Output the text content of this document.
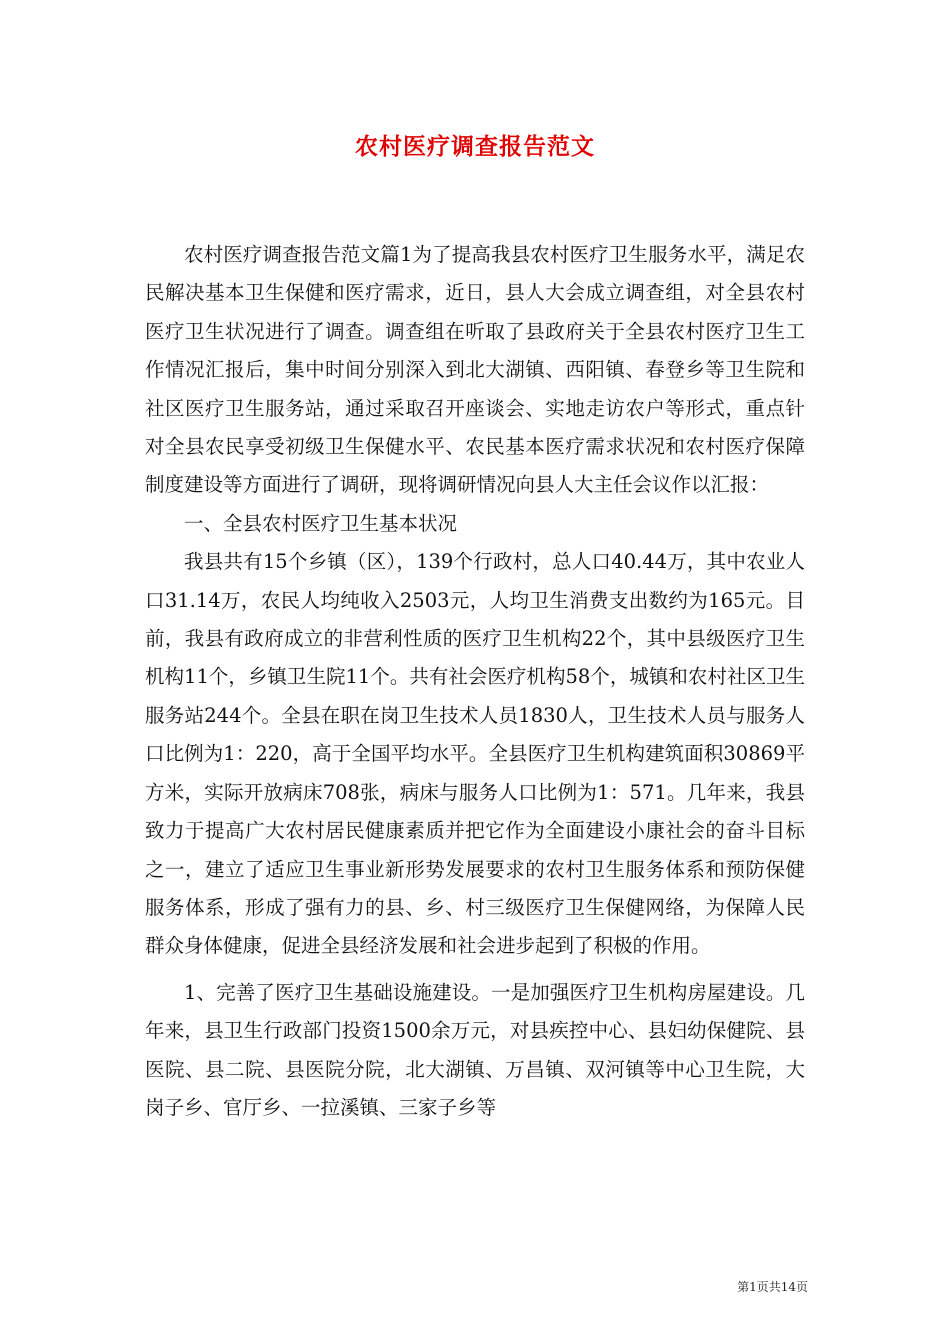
农村医疗调查报告范文

农村医疗调查报告范文篇1为了提高我县农村医疗卫生服务水平，满足农民解决基本卫生保健和医疗需求，近日，县人大会成立调查组，对全县农村医疗卫生状况进行了调查。调查组在听取了县政府关于全县农村医疗卫生工作情况汇报后，集中时间分别深入到北大湖镇、西阳镇、春登乡等卫生院和社区医疗卫生服务站，通过采取召开座谈会、实地走访农户等形式，重点针对全县农民享受初级卫生保健水平、农民基本医疗需求状况和农村医疗保障制度建设等方面进行了调研，现将调研情况向县人大主任会议作以汇报：

一、全县农村医疗卫生基本状况

我县共有15个乡镇（区），139个行政村，总人口40.44万，其中农业人口31.14万，农民人均纯收入2503元，人均卫生消费支出数约为165元。目前，我县有政府成立的非营利性质的医疗卫生机构22个，其中县级医疗卫生机构11个，乡镇卫生院11个。共有社会医疗机构58个，城镇和农村社区卫生服务站244个。全县在职在岗卫生技术人员1830人，卫生技术人员与服务人口比例为1：220，高于全国平均水平。全县医疗卫生机构建筑面积30869平方米，实际开放病床708张，病床与服务人口比例为1：571。几年来，我县致力于提高广大农村居民健康素质并把它作为全面建设小康社会的奋斗目标之一，建立了适应卫生事业新形势发展要求的农村卫生服务体系和预防保健服务体系，形成了强有力的县、乡、村三级医疗卫生保健网络，为保障人民群众身体健康，促进全县经济发展和社会进步起到了积极的作用。

1、完善了医疗卫生基础设施建设。一是加强医疗卫生机构房屋建设。几年来，县卫生行政部门投资1500余万元，对县疾控中心、县妇幼保健院、县医院、县二院、县医院分院，北大湖镇、万昌镇、双河镇等中心卫生院，大岗子乡、官厅乡、一拉溪镇、三家子乡等

第1页共14页
